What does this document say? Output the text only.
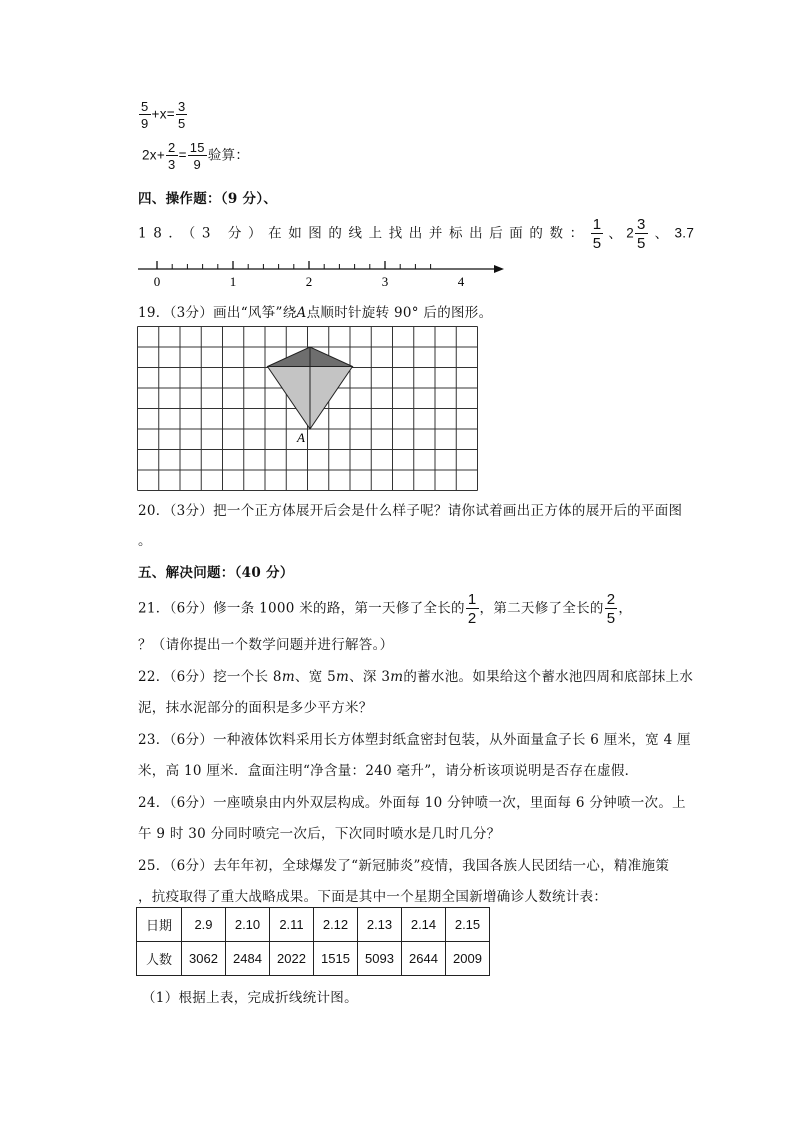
$\frac{5}{9} +x= \frac{3}{5}$
$2x+ \frac{2}{3} = \frac{15}{9}$ 验算：
四、操作题：（9 分）、
18．（3 分）在如图的线上找出并标出后面的数： $\frac{1}{5}$ 、 $2 \frac{3}{5}$ 、 3.7
0	1	2	3	4
19．（3分）画出“风筝”绕A点顺时针旋转 90° 后的图形。
A
20．（3分）把一个正方体展开后会是什么样子呢？请你试着画出正方体的展开后的平面图
。
五、解决问题：（40 分）
21．（6分）修一条 1000 米的路，第一天修了全长的 $\frac{1}{2}$ ，第二天修了全长的 $\frac{2}{5}$ ，
？（请你提出一个数学问题并进行解答。）
22．（6分）挖一个长 8m、宽 5m、深 3m的蓄水池。如果给这个蓄水池四周和底部抹上水
泥，抹水泥部分的面积是多少平方米？
23．（6分）一种液体饮料采用长方体塑封纸盒密封包装，从外面量盒子长 6 厘米，宽 4 厘
米，高 10 厘米．盒面注明“净含量：240 毫升”，请分析该项说明是否存在虚假．
24．（6分）一座喷泉由内外双层构成。外面每 10 分钟喷一次，里面每 6 分钟喷一次。上
午 9 时 30 分同时喷完一次后，下次同时喷水是几时几分？
25．（6分）去年年初，全球爆发了“新冠肺炎”疫情，我国各族人民团结一心，精准施策
，抗疫取得了重大战略成果。下面是其中一个星期全国新增确诊人数统计表：
日期	2.9	2.10	2.11	2.12	2.13	2.14	2.15
人数	3062	2484	2022	1515	5093	2644	2009
（1）根据上表，完成折线统计图。
